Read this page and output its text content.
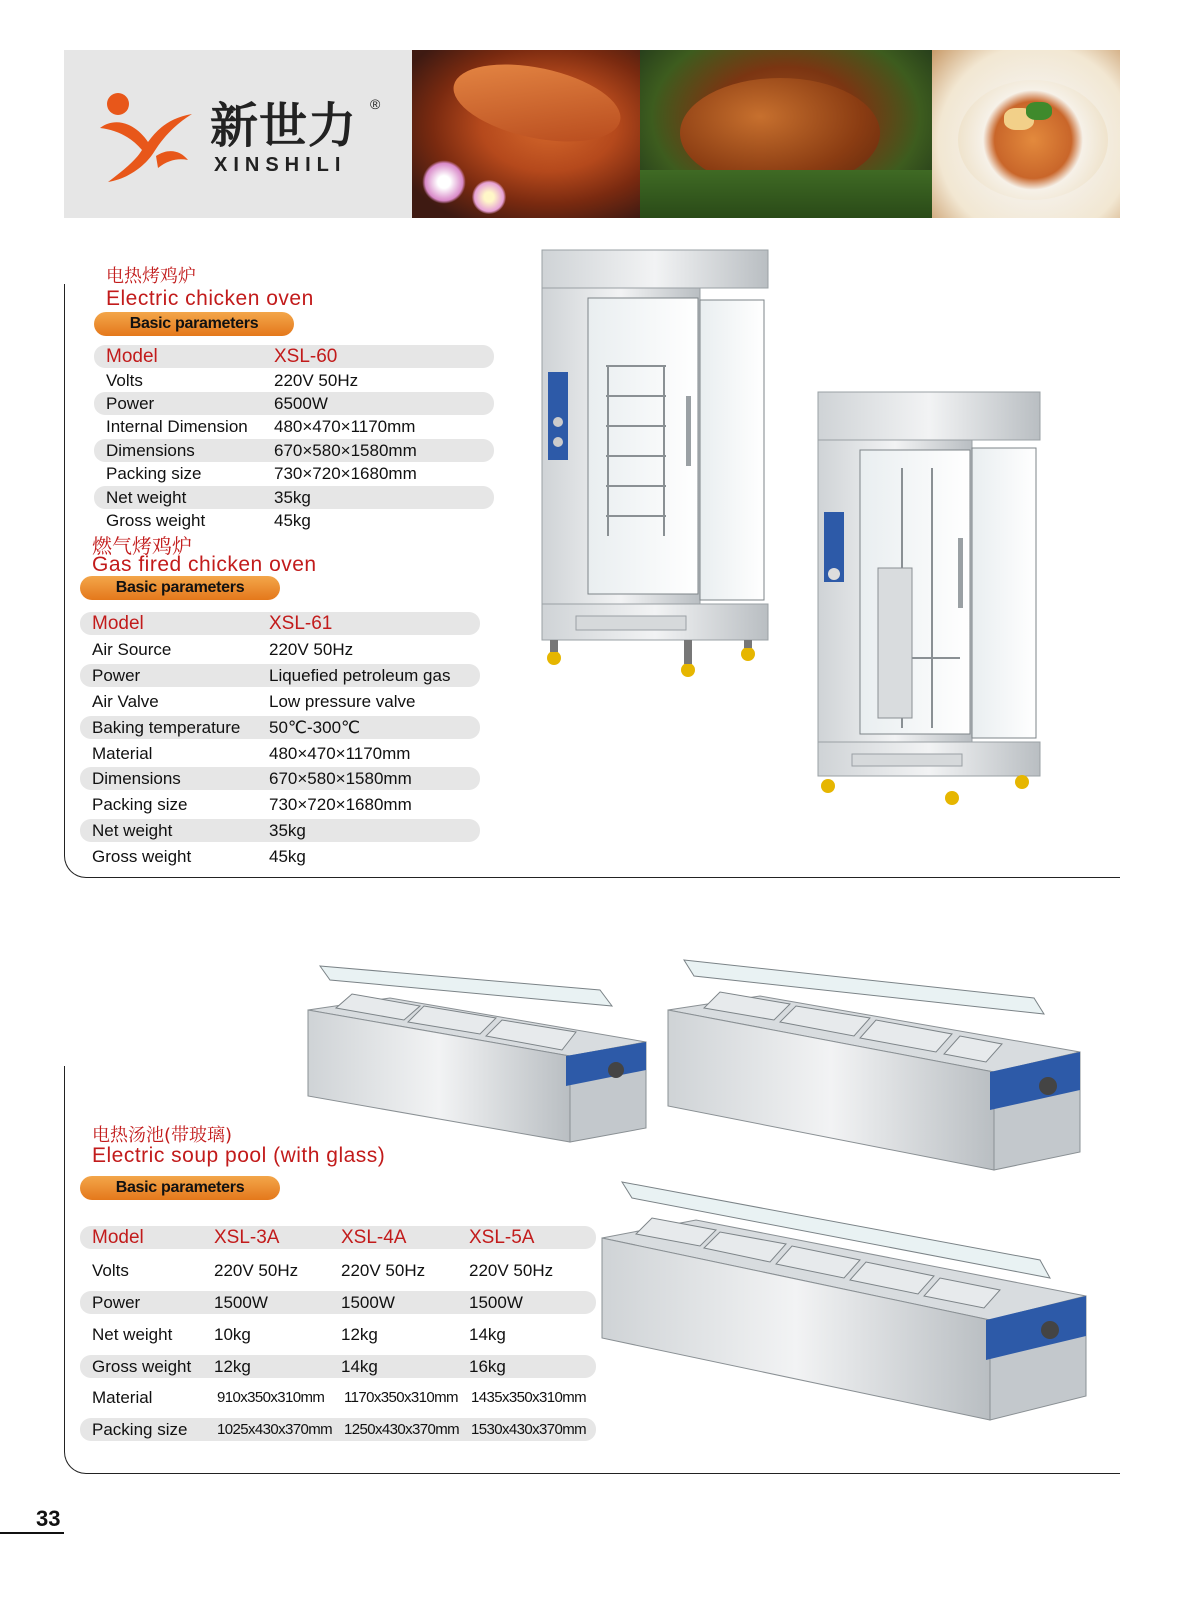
新世力 ®
XINSHILI
电热烤鸡炉
Electric chicken oven
Basic parameters
Model	XSL-60
Volts	220V 50Hz
Power	6500W
Internal Dimension 480×470×1170mm
Dimensions	670×580×1580mm
Packing size	730×720×1680mm
Net weight	35kg
Gross weight	45kg
燃气烤鸡炉
Gas fired chicken oven
Basic parameters
Model	XSL-61
Air Source	220V 50Hz
Power	Liquefied petroleum gas
Air Valve	Low pressure valve
Baking temperature 50℃-300℃
Material	480×470×1170mm
Dimensions	670×580×1580mm
Packing size	730×720×1680mm
Net weight	35kg
Gross weight	45kg
电热汤池(带玻璃)
Electric soup pool (with glass)
Basic parameters
Model	XSL-3A	XSL-4A	XSL-5A
Volts	220V 50Hz	220V 50Hz	220V 50Hz
Power	1500W	1500W	1500W
Net weight 10kg	12kg	14kg
Gross weight 12kg	14kg	16kg
Material	910x350x310mm 1170x350x310mm 1435x350x310mm
Packing size 1025x430x370mm 1250x430x370mm 1530x430x370mm
33
